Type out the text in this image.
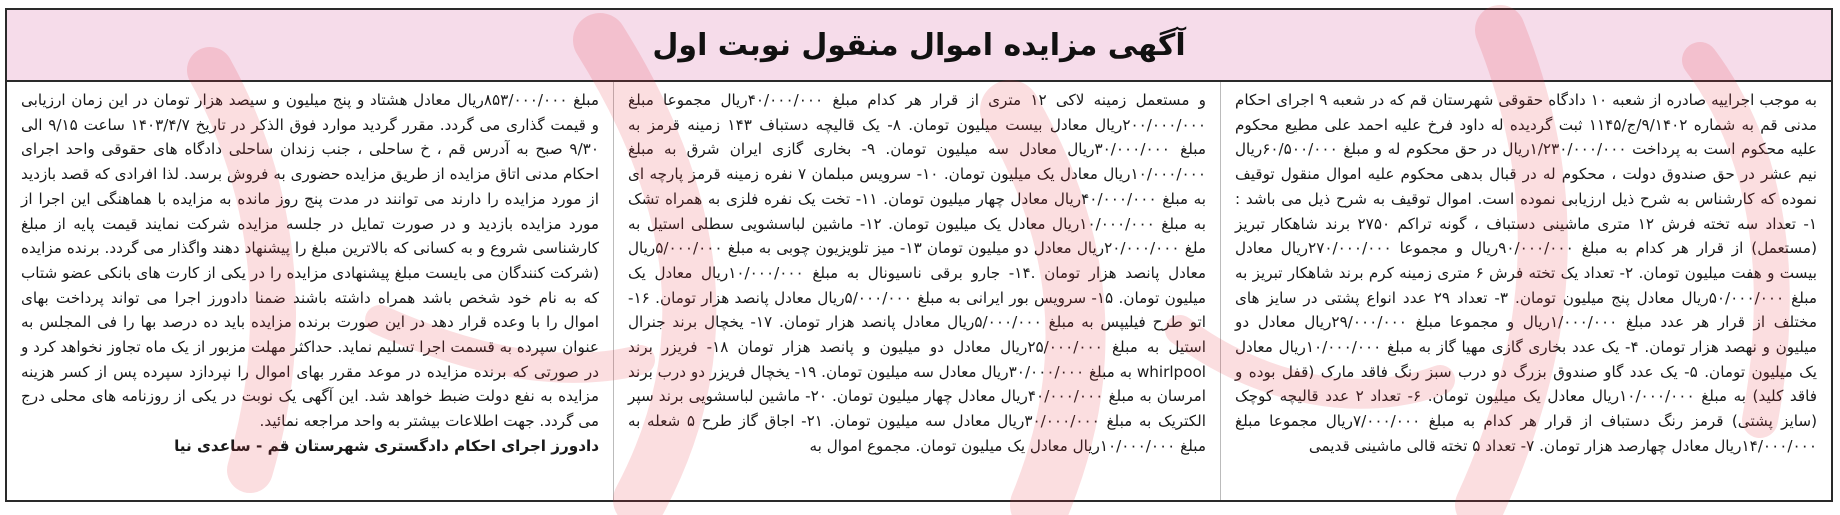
آگهی مزایده اموال منقول نوبت اول
به موجب اجراییه صادره از شعبه ۱۰ دادگاه حقوقی شهرستان قم که در شعبه ۹ اجرای احکام مدنی قم به شماره ۹/۱۴۰۲/ج/۱۱۴۵ ثبت گردیده له داود فرخ علیه احمد علی مطیع محکوم علیه محکوم است به پرداخت ۱/۲۳۰/۰۰۰/۰۰۰ریال در حق محکوم له و مبلغ ۶۰/۵۰۰/۰۰۰ریال نیم عشر در حق صندوق دولت ، محکوم له در قبال بدهی محکوم علیه اموال منقول توقیف نموده که کارشناس به شرح ذیل ارزیابی نموده است. اموال توقیف به شرح ذیل می باشد : ۱- تعداد سه تخته فرش ۱۲ متری ماشینی دستباف ، گونه تراکم ۲۷۵۰ برند شاهکار تبریز (مستعمل) از قرار هر کدام به مبلغ ۹۰/۰۰۰/۰۰۰ریال و مجموعا ۲۷۰/۰۰۰/۰۰۰ریال معادل بیست و هفت میلیون تومان. ۲- تعداد یک تخته فرش ۶ متری زمینه کرم برند شاهکار تبریز به مبلغ ۵۰/۰۰۰/۰۰۰ریال معادل پنج میلیون تومان. ۳- تعداد ۲۹ عدد انواع پشتی در سایز های مختلف از قرار هر عدد مبلغ ۱/۰۰۰/۰۰۰ریال و مجموعا مبلغ ۲۹/۰۰۰/۰۰۰ریال معادل دو میلیون و نهصد هزار تومان. ۴- یک عدد بخاری گازی مهیا گاز به مبلغ ۱۰/۰۰۰/۰۰۰ریال معادل یک میلیون تومان. ۵- یک عدد گاو صندوق بزرگ دو درب سبز رنگ فاقد مارک (قفل بوده و فاقد کلید) به مبلغ ۱۰/۰۰۰/۰۰۰ریال معادل یک میلیون تومان. ۶- تعداد ۲ عدد قالیچه کوچک (سایز پشتی) قرمز رنگ دستباف از قرار هر کدام به مبلغ ۷/۰۰۰/۰۰۰ریال مجموعا مبلغ ۱۴/۰۰۰/۰۰۰ریال معادل چهارصد هزار تومان. ۷- تعداد ۵ تخته قالی ماشینی قدیمی
و مستعمل زمینه لاکی ۱۲ متری از قرار هر کدام مبلغ ۴۰/۰۰۰/۰۰۰ریال مجموعا مبلغ ۲۰۰/۰۰۰/۰۰۰ریال معادل بیست میلیون تومان. ۸- یک قالیچه دستباف ۱۴۳ زمینه قرمز به مبلغ ۳۰/۰۰۰/۰۰۰ریال معادل سه میلیون تومان. ۹- بخاری گازی ایران شرق به مبلغ ۱۰/۰۰۰/۰۰۰ریال معادل یک میلیون تومان. ۱۰- سرویس مبلمان ۷ نفره زمینه قرمز پارچه ای به مبلغ ۴۰/۰۰۰/۰۰۰ریال معادل چهار میلیون تومان. ۱۱- تخت یک نفره فلزی به همراه تشک به مبلغ ۱۰/۰۰۰/۰۰۰ریال معادل یک میلیون تومان. ۱۲- ماشین لباسشویی سطلی استیل به ملغ ۲۰/۰۰۰/۰۰۰ریال معادل دو میلیون تومان ۱۳- میز تلویزیون چوبی به مبلغ ۵/۰۰۰/۰۰۰ریال معادل پانصد هزار تومان .۱۴- جارو برقی ناسیونال به مبلغ ۱۰/۰۰۰/۰۰۰ریال معادل یک میلیون تومان. ۱۵- سرویس بور ایرانی به مبلغ ۵/۰۰۰/۰۰۰ریال معادل پانصد هزار تومان. ۱۶- اتو طرح فیلیپس به مبلغ ۵/۰۰۰/۰۰۰ریال معادل پانصد هزار تومان. ۱۷- یخچال برند جنرال استیل به مبلغ ۲۵/۰۰۰/۰۰۰ریال معادل دو میلیون و پانصد هزار تومان ۱۸- فریزر برند whirlpool به مبلغ ۳۰/۰۰۰/۰۰۰ریال معادل سه میلیون تومان. ۱۹- یخچال فریزر دو درب برند امرسان به مبلغ ۴۰/۰۰۰/۰۰۰ریال معادل چهار میلیون تومان. ۲۰- ماشین لباسشویی برند سپر الکتریک به مبلغ ۳۰/۰۰۰/۰۰۰ریال معادل سه میلیون تومان. ۲۱- اجاق گاز طرح ۵ شعله به مبلغ ۱۰/۰۰۰/۰۰۰ریال معادل یک میلیون تومان. مجموع اموال به
مبلغ ۸۵۳/۰۰۰/۰۰۰ریال معادل هشتاد و پنج میلیون و سیصد هزار تومان در این زمان ارزیابی و قیمت گذاری می گردد. مقرر گردید موارد فوق الذکر در تاریخ ۱۴۰۳/۴/۷ ساعت ۹/۱۵ الی ۹/۳۰ صبح به آدرس قم ، خ ساحلی ، جنب زندان ساحلی دادگاه های حقوقی واحد اجرای احکام مدنی اتاق مزایده از طریق مزایده حضوری به فروش برسد. لذا افرادی که قصد بازدید از مورد مزایده را دارند می توانند در مدت پنج روز مانده به مزایده با هماهنگی این اجرا از مورد مزایده بازدید و در صورت تمایل در جلسه مزایده شرکت نمایند قیمت پایه از مبلغ کارشناسی شروع و به کسانی که بالاترین مبلغ را پیشنهاد دهند واگذار می گردد. برنده مزایده (شرکت کنندگان می بایست مبلغ پیشنهادی مزایده را در یکی از کارت های بانکی عضو شتاب که به نام خود شخص باشد همراه داشته باشند ضمنا دادورز اجرا می تواند پرداخت بهای اموال را با وعده قرار دهد در این صورت برنده مزایده باید ده درصد بها را فی المجلس به عنوان سپرده به قسمت اجرا تسلیم نماید. حداکثر مهلت مزبور از یک ماه تجاوز نخواهد کرد و در صورتی که برنده مزایده در موعد مقرر بهای اموال را نپردازد سپرده پس از کسر هزینه مزایده به نفع دولت ضبط خواهد شد. این آگهی یک نوبت در یکی از روزنامه های محلی درج می گردد. جهت اطلاعات بیشتر به واحد مراجعه نمائید.
دادورز اجرای احکام دادگستری شهرستان قم - ساعدی نیا
